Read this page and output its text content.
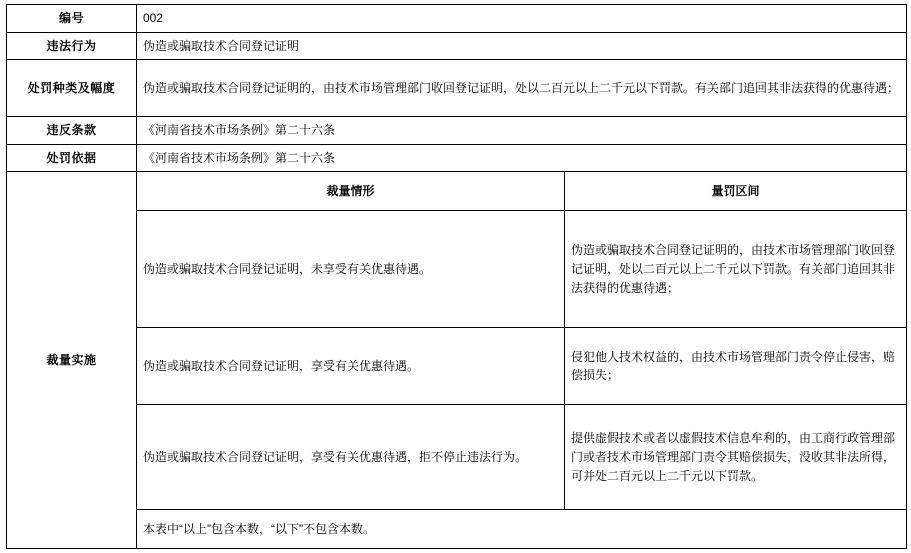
编号	002		
违法行为	伪造或骗取技术合同登记证明		
处罚种类及幅度	伪造或骗取技术合同登记证明的，由技术市场管理部门收回登记证明，处以二百元以上二千元以下罚款。有关部门追回其非法获得的优惠待遇；		
违反条款	《河南省技术市场条例》第二十六条		
处罚依据	《河南省技术市场条例》第二十六条		
裁量实施	裁量情形	量罚区间	
	伪造或骗取技术合同登记证明，未享受有关优惠待遇。	伪造或骗取技术合同登记证明的，由技术市场管理部门收回登记证明，处以二百元以上二千元以下罚款。有关部门追回其非法获得的优惠待遇；	
	伪造或骗取技术合同登记证明，享受有关优惠待遇。	侵犯他人技术权益的，由技术市场管理部门责令停止侵害，赔偿损失；	
	伪造或骗取技术合同登记证明，享受有关优惠待遇，拒不停止违法行为。	提供虚假技术或者以虚假技术信息牟利的，由工商行政管理部门或者技术市场管理部门责令其赔偿损失，没收其非法所得，可并处二百元以上二千元以下罚款。	
	本表中“以上”包含本数，“以下”不包含本数。		
